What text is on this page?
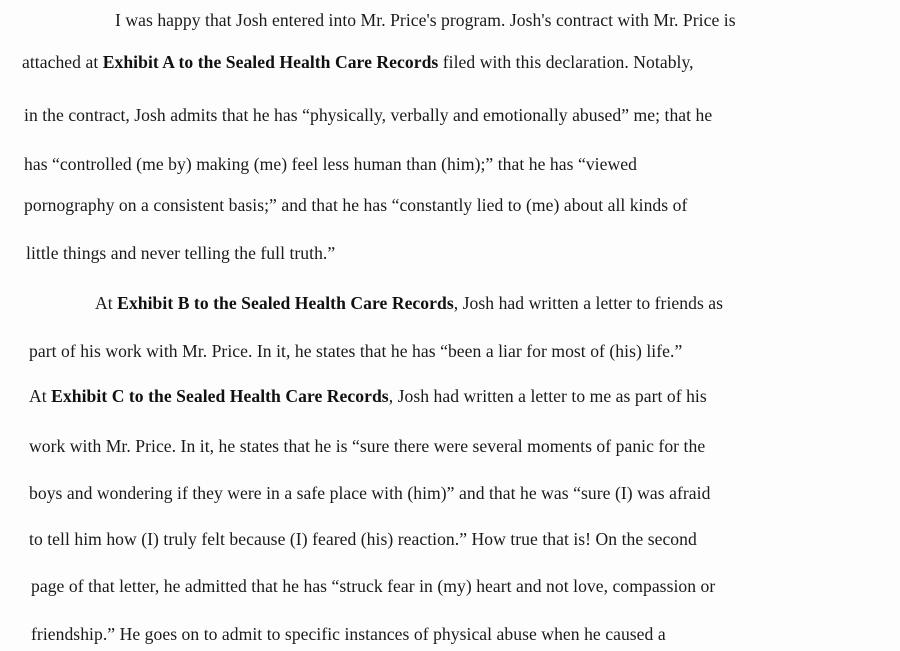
I was happy that Josh entered into Mr. Price's program. Josh's contract with Mr. Price is
attached at Exhibit A to the Sealed Health Care Records filed with this declaration. Notably,
in the contract, Josh admits that he has “physically, verbally and emotionally abused” me; that he
has “controlled (me by) making (me) feel less human than (him);” that he has “viewed
pornography on a consistent basis;” and that he has “constantly lied to (me) about all kinds of
little things and never telling the full truth.”
At Exhibit B to the Sealed Health Care Records, Josh had written a letter to friends as
part of his work with Mr. Price. In it, he states that he has “been a liar for most of (his) life.”
At Exhibit C to the Sealed Health Care Records, Josh had written a letter to me as part of his
work with Mr. Price. In it, he states that he is “sure there were several moments of panic for the
boys and wondering if they were in a safe place with (him)” and that he was “sure (I) was afraid
to tell him how (I) truly felt because (I) feared (his) reaction.” How true that is! On the second
page of that letter, he admitted that he has “struck fear in (my) heart and not love, compassion or
friendship.” He goes on to admit to specific instances of physical abuse when he caused a
